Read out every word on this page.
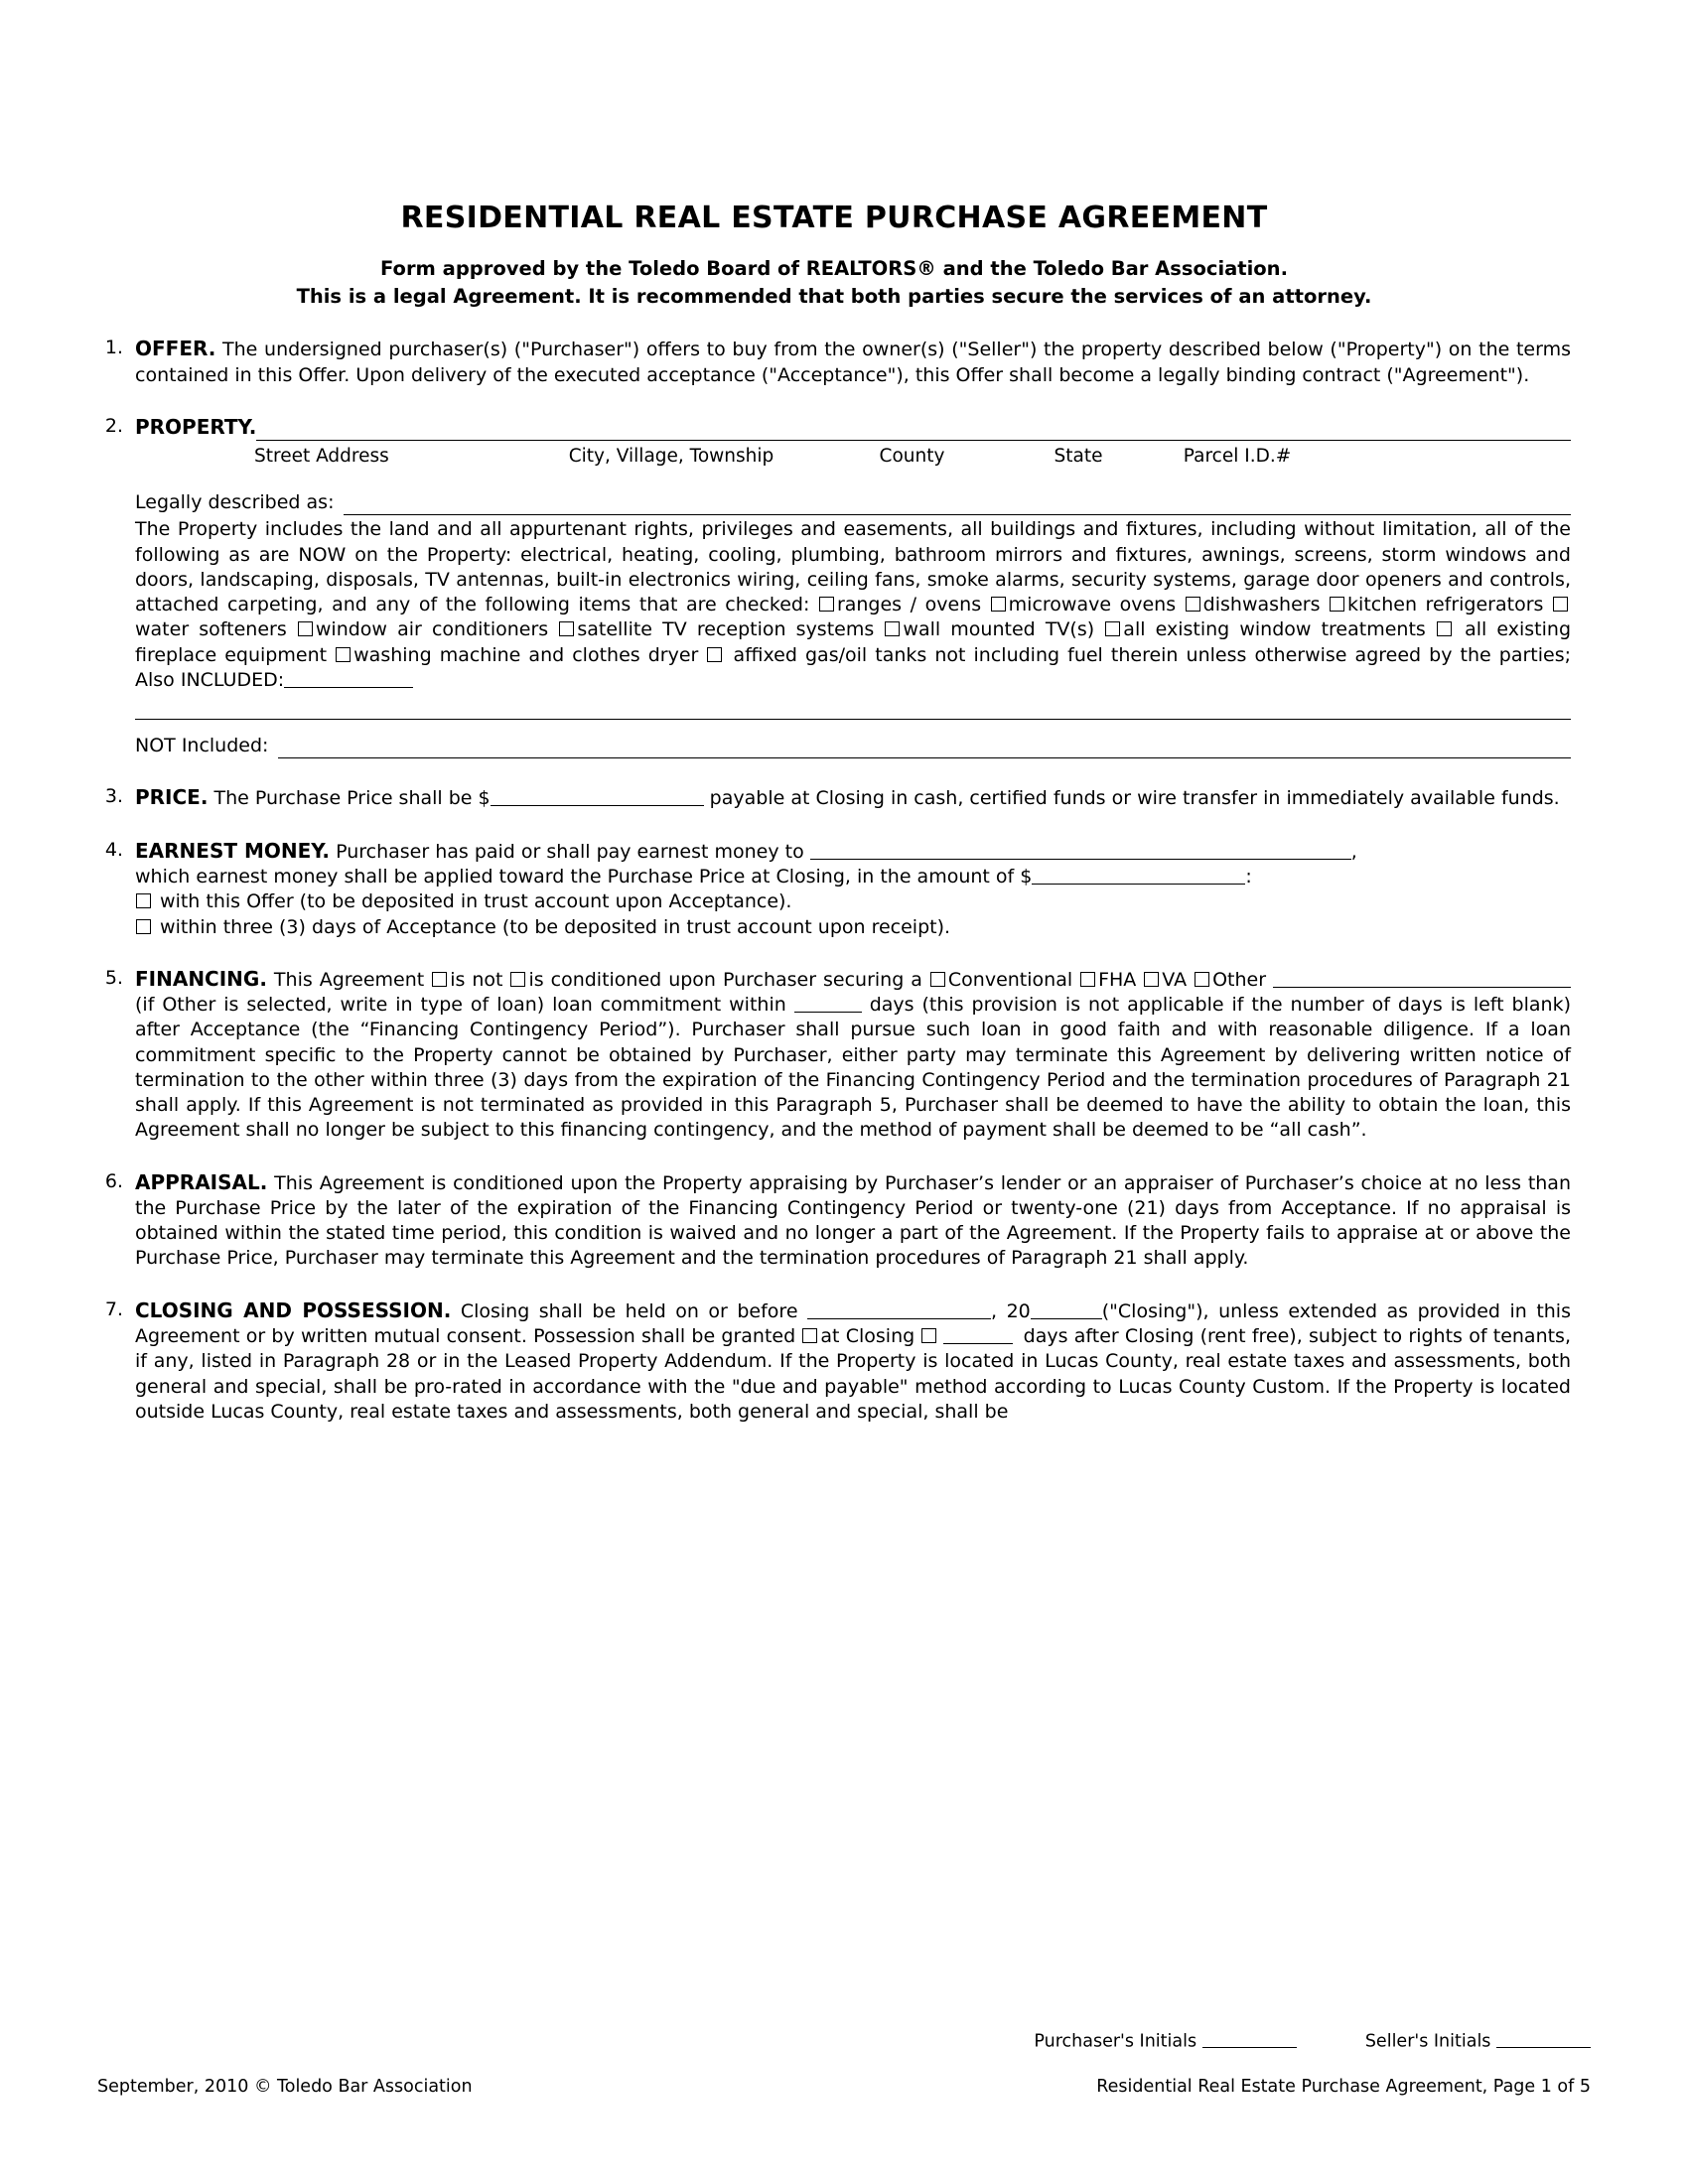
RESIDENTIAL REAL ESTATE PURCHASE AGREEMENT
Form approved by the Toledo Board of REALTORS® and the Toledo Bar Association.
This is a legal Agreement. It is recommended that both parties secure the services of an attorney.
1. OFFER. The undersigned purchaser(s) ("Purchaser") offers to buy from the owner(s) ("Seller") the property described below ("Property") on the terms contained in this Offer. Upon delivery of the executed acceptance ("Acceptance"), this Offer shall become a legally binding contract ("Agreement").
2. PROPERTY.
Street Address	City, Village, Township	County	State	Parcel I.D.#
Legally described as:
The Property includes the land and all appurtenant rights, privileges and easements, all buildings and fixtures, including without limitation, all of the following as are NOW on the Property: electrical, heating, cooling, plumbing, bathroom mirrors and fixtures, awnings, screens, storm windows and doors, landscaping, disposals, TV antennas, built-in electronics wiring, ceiling fans, smoke alarms, security systems, garage door openers and controls, attached carpeting, and any of the following items that are checked: ranges / ovens microwave ovens dishwashers kitchen refrigerators water softeners window air conditioners satellite TV reception systems wall mounted TV(s) all existing window treatments  all existing fireplace equipment washing machine and clothes dryer  affixed gas/oil tanks not including fuel therein unless otherwise agreed by the parties; Also INCLUDED:
NOT Included:
3. PRICE. The Purchase Price shall be $	payable at Closing in cash, certified funds or wire transfer in immediately available funds.
4. EARNEST MONEY. Purchaser has paid or shall pay earnest money to	,
which earnest money shall be applied toward the Purchase Price at Closing, in the amount of $	:
with this Offer (to be deposited in trust account upon Acceptance).
within three (3) days of Acceptance (to be deposited in trust account upon receipt).
5. FINANCING. This Agreement is not is conditioned upon Purchaser securing a Conventional FHA VA Other  (if Other is selected, write in type of loan) loan commitment within	days (this provision is not applicable if the number of days is left blank) after Acceptance (the “Financing Contingency Period”). Purchaser shall pursue such loan in good faith and with reasonable diligence. If a loan commitment specific to the Property cannot be obtained by Purchaser, either party may terminate this Agreement by delivering written notice of termination to the other within three (3) days from the expiration of the Financing Contingency Period and the termination procedures of Paragraph 21 shall apply. If this Agreement is not terminated as provided in this Paragraph 5, Purchaser shall be deemed to have the ability to obtain the loan, this Agreement shall no longer be subject to this financing contingency, and the method of payment shall be deemed to be “all cash”.
6. APPRAISAL. This Agreement is conditioned upon the Property appraising by Purchaser’s lender or an appraiser of Purchaser’s choice at no less than the Purchase Price by the later of the expiration of the Financing Contingency Period or twenty-one (21) days from Acceptance. If no appraisal is obtained within the stated time period, this condition is waived and no longer a part of the Agreement. If the Property fails to appraise at or above the Purchase Price, Purchaser may terminate this Agreement and the termination procedures of Paragraph 21 shall apply.
7. CLOSING AND POSSESSION. Closing shall be held on or before	, 20	("Closing"), unless extended as provided in this Agreement or by written mutual consent. Possession shall be granted at Closing	days after Closing (rent free), subject to rights of tenants, if any, listed in Paragraph 28 or in the Leased Property Addendum. If the Property is located in Lucas County, real estate taxes and assessments, both general and special, shall be pro-rated in accordance with the "due and payable" method according to Lucas County Custom. If the Property is located outside Lucas County, real estate taxes and assessments, both general and special, shall be
Purchaser's Initials	Seller's Initials
September, 2010 © Toledo Bar Association	Residential Real Estate Purchase Agreement, Page 1 of 5
